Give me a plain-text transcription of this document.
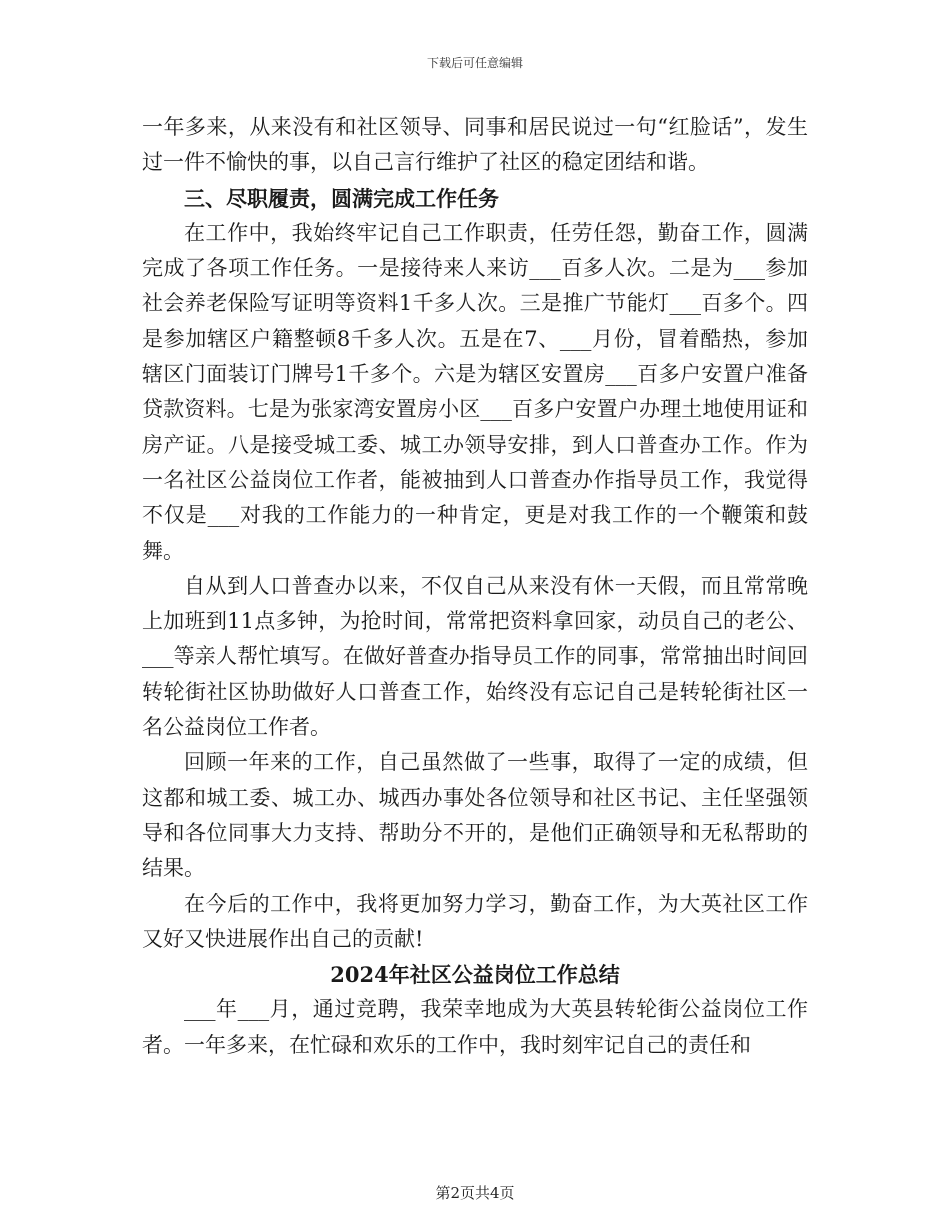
下载后可任意编辑

一年多来，从来没有和社区领导、同事和居民说过一句“红脸话”，发生过一件不愉快的事，以自己言行维护了社区的稳定团结和谐。

三、尽职履责，圆满完成工作任务

在工作中，我始终牢记自己工作职责，任劳任怨，勤奋工作，圆满完成了各项工作任务。一是接待来人来访___百多人次。二是为___参加社会养老保险写证明等资料1千多人次。三是推广节能灯___百多个。四是参加辖区户籍整顿8千多人次。五是在7、___月份，冒着酷热，参加辖区门面装订门牌号1千多个。六是为辖区安置房___百多户安置户准备贷款资料。七是为张家湾安置房小区___百多户安置户办理土地使用证和房产证。八是接受城工委、城工办领导安排，到人口普查办工作。作为一名社区公益岗位工作者，能被抽到人口普查办作指导员工作，我觉得不仅是___对我的工作能力的一种肯定，更是对我工作的一个鞭策和鼓舞。

自从到人口普查办以来，不仅自己从来没有休一天假，而且常常晚上加班到11点多钟，为抢时间，常常把资料拿回家，动员自己的老公、___等亲人帮忙填写。在做好普查办指导员工作的同事，常常抽出时间回转轮街社区协助做好人口普查工作，始终没有忘记自己是转轮街社区一名公益岗位工作者。

回顾一年来的工作，自己虽然做了一些事，取得了一定的成绩，但这都和城工委、城工办、城西办事处各位领导和社区书记、主任坚强领导和各位同事大力支持、帮助分不开的，是他们正确领导和无私帮助的结果。

在今后的工作中，我将更加努力学习，勤奋工作，为大英社区工作又好又快进展作出自己的贡献!

2024年社区公益岗位工作总结

___年___月，通过竞聘，我荣幸地成为大英县转轮街公益岗位工作者。一年多来，在忙碌和欢乐的工作中，我时刻牢记自己的责任和

第2页共4页
